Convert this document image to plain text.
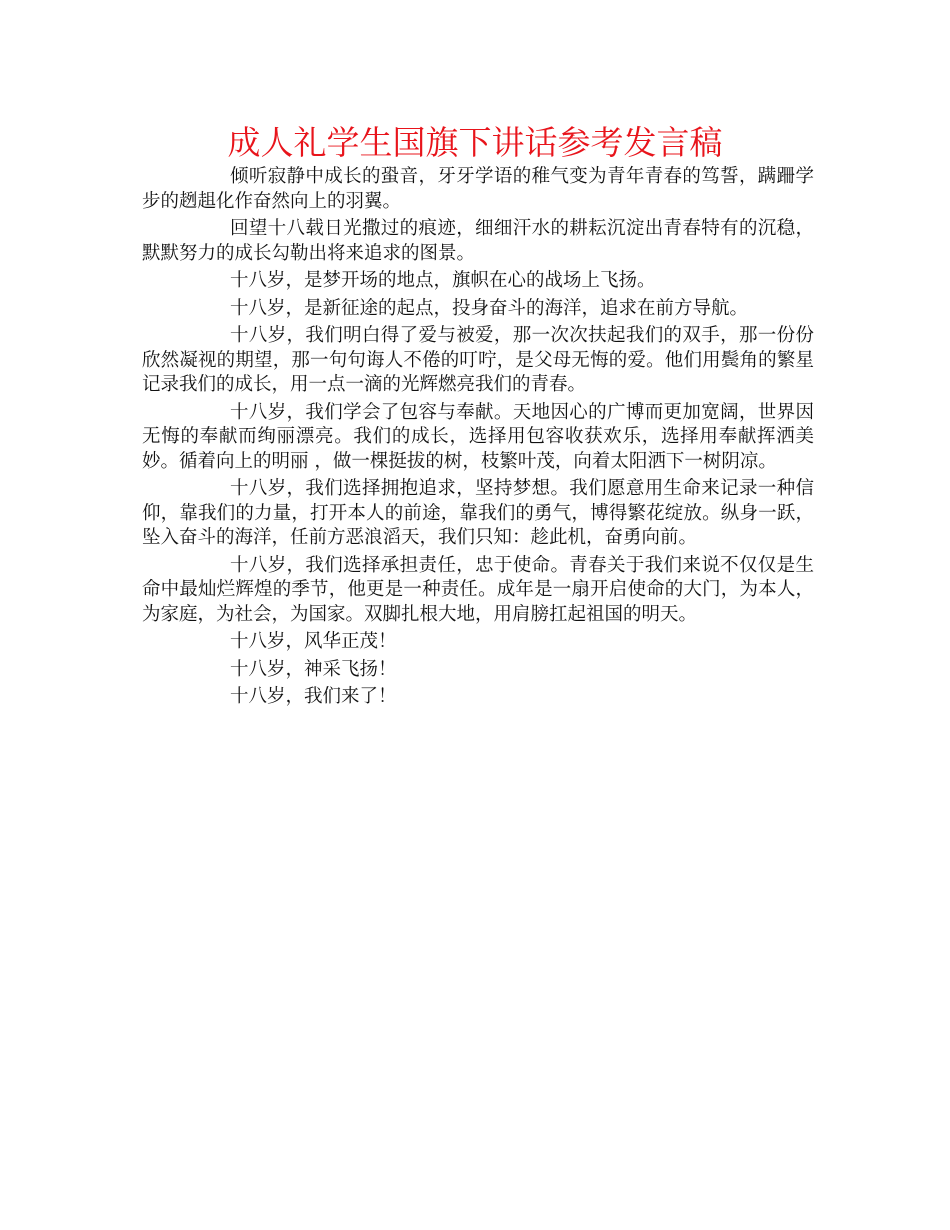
成人礼学生国旗下讲话参考发言稿

倾听寂静中成长的蛩音，牙牙学语的稚气变为青年青春的笃誓，蹒跚学步的趔趄化作奋然向上的羽翼。

回望十八载日光撒过的痕迹，细细汗水的耕耘沉淀出青春特有的沉稳，默默努力的成长勾勒出将来追求的图景。

十八岁，是梦开场的地点，旗帜在心的战场上飞扬。

十八岁，是新征途的起点，投身奋斗的海洋，追求在前方导航。

十八岁，我们明白得了爱与被爱，那一次次扶起我们的双手，那一份份欣然凝视的期望，那一句句诲人不倦的叮咛，是父母无悔的爱。他们用鬓角的繁星记录我们的成长，用一点一滴的光辉燃亮我们的青春。

十八岁，我们学会了包容与奉献。天地因心的广博而更加宽阔，世界因无悔的奉献而绚丽漂亮。我们的成长，选择用包容收获欢乐，选择用奉献挥洒美妙。循着向上的明丽 ，做一棵挺拔的树，枝繁叶茂，向着太阳洒下一树阴凉。

十八岁，我们选择拥抱追求，坚持梦想。我们愿意用生命来记录一种信仰，靠我们的力量，打开本人的前途，靠我们的勇气，博得繁花绽放。纵身一跃，坠入奋斗的海洋，任前方恶浪滔天，我们只知：趁此机，奋勇向前。

十八岁，我们选择承担责任，忠于使命。青春关于我们来说不仅仅是生命中最灿烂辉煌的季节，他更是一种责任。成年是一扇开启使命的大门，为本人，为家庭，为社会，为国家。双脚扎根大地，用肩膀扛起祖国的明天。

十八岁，风华正茂！

十八岁，神采飞扬！

十八岁，我们来了！
